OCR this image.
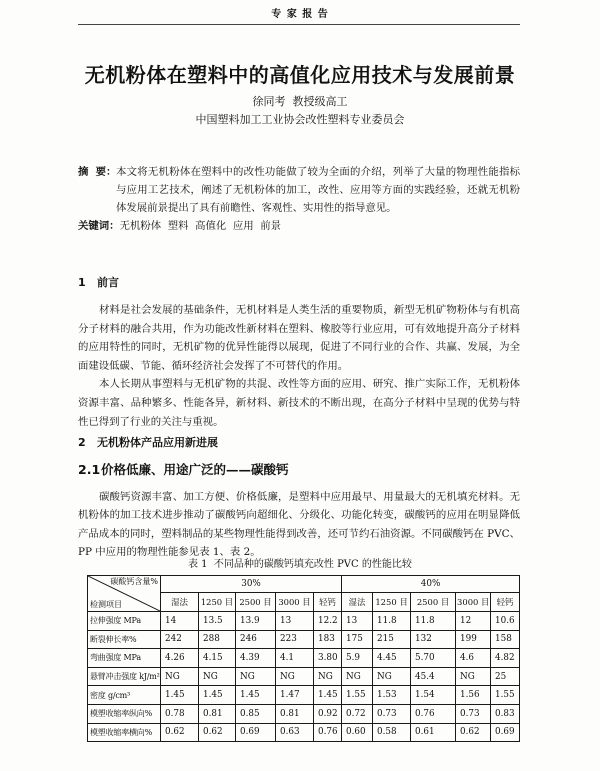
专 家 报 告
无机粉体在塑料中的高值化应用技术与发展前景
徐同考  教授级高工
中国塑料加工工业协会改性塑料专业委员会
摘  要： 本文将无机粉体在塑料中的改性功能做了较为全面的介绍，列举了大量的物理性能指标
与应用工艺技术，阐述了无机粉体的加工，改性、应用等方面的实践经验，还就无机粉
体发展前景提出了具有前瞻性、客观性、实用性的指导意见。
关键词：无机粉体  塑料  高值化  应用  前景
1 前言
材料是社会发展的基础条件，无机材料是人类生活的重要物质，新型无机矿物粉体与有机高
分子材料的融合共用，作为功能改性新材料在塑料、橡胶等行业应用，可有效地提升高分子材料
的应用特性的同时，无机矿物的优异性能得以展现，促进了不同行业的合作、共赢、发展，为全
面建设低碳、节能、循环经济社会发挥了不可替代的作用。
本人长期从事塑料与无机矿物的共混、改性等方面的应用、研究、推广实际工作，无机粉体
资源丰富、品种繁多、性能各异，新材料、新技术的不断出现，在高分子材料中呈现的优势与特
性已得到了行业的关注与重视。
2 无机粉体产品应用新进展
2.1价格低廉、用途广泛的——碳酸钙
碳酸钙资源丰富、加工方便、价格低廉，是塑料中应用最早、用量最大的无机填充材料。无
机粉体的加工技术进步推动了碳酸钙向超细化、分级化、功能化转变，碳酸钙的应用在明显降低
产品成本的同时，塑料制品的某些物理性能得到改善，还可节约石油资源。不同碳酸钙在 PVC、
PP 中应用的物理性能参见表 1、表 2。
表 1  不同品种的碳酸钙填充改性 PVC 的性能比较
碳酸钙含量%
检测项目	30%					40%				
	湿法	1250 目	2500 目	3000 目	轻钙	湿法	1250 目	2500 目	3000 目	轻钙
拉伸强度 MPa	14	13.5	13.9	13	12.2	13	11.8	11.8	12	10.6
断裂伸长率%	242	288	246	223	183	175	215	132	199	158
弯曲强度 MPa	4.26	4.15	4.39	4.1	3.80	5.9	4.45	5.70	4.6	4.82
悬臂冲击强度 kJ/m²	NG	NG	NG	NG	NG	NG	NG	45.4	NG	25
密度 g/cm³	1.45	1.45	1.45	1.47	1.45	1.55	1.53	1.54	1.56	1.55
模塑收缩率纵向%	0.78	0.81	0.85	0.81	0.92	0.72	0.73	0.76	0.73	0.83
模塑收缩率横向%	0.62	0.62	0.69	0.63	0.76	0.60	0.58	0.61	0.62	0.69
